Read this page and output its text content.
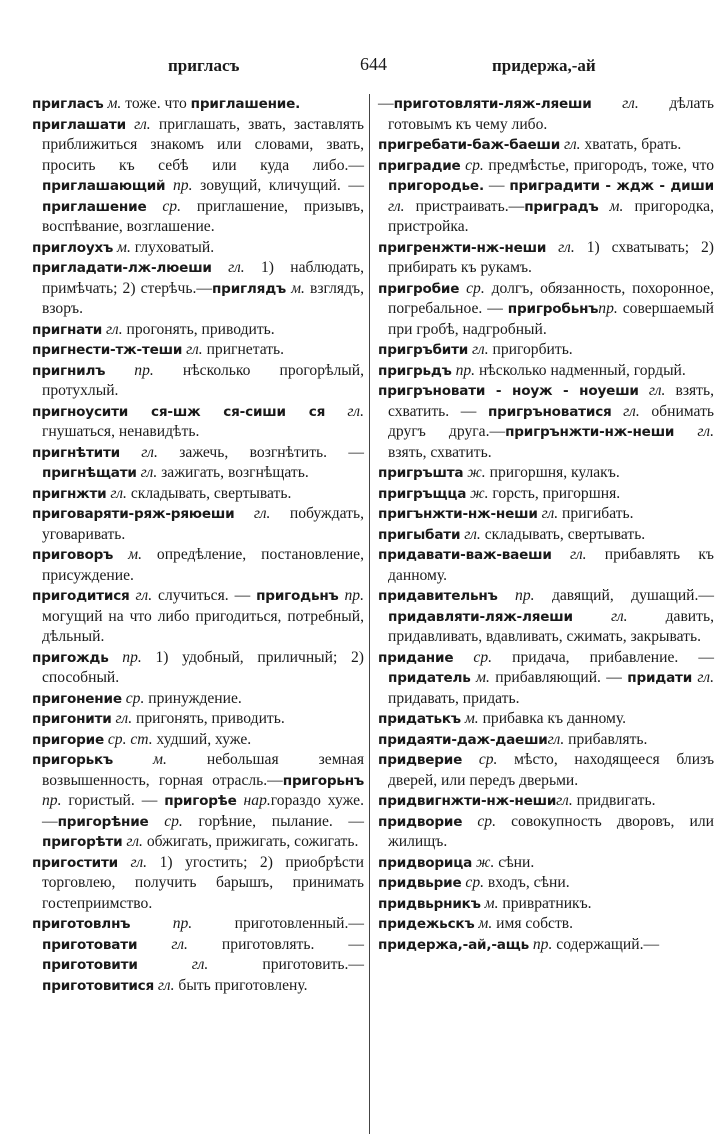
пригласъ	644	придержа,-ай

пригласъ м. тоже. что приглашение.

приглашати гл. приглашать, звать, заставлять приближиться знакомъ или словами, звать, просить къ себѣ или куда либо.—приглашающий пр. зовущий, кличущий. — приглашение ср. приглашение, призывъ, воспѣвание, возглашение.

приглоухъ м. глуховатый.

пригладати-лж-люеши гл. 1) наблюдать, примѣчать; 2) стерѣчь.—приглядъ м. взглядъ, взоръ.

пригнати гл. прогонять, приводить.

пригнести-тж-теши гл. пригнетать.

пригнилъ пр. нѣсколько прогорѣлый, протухлый.

пригноусити ся-шж ся-сиши ся гл. гнушаться, ненавидѣть.

пригнѣтити гл. зажечь, возгнѣтить. —пригнѣщати гл. зажигать, возгнѣщать.

пригнжти гл. складывать, свертывать.

приговаряти-ряж-ряюеши гл. побуждать, уговаривать.

приговоръ м. опредѣление, постановление, присуждение.

пригодитися гл. случиться. — пригодьнъ пр. могущий на что либо пригодиться, потребный, дѣльный.

пригождь пр. 1) удобный, приличный; 2) способный.

пригонение ср. принуждение.

пригонити гл. пригонять, приводить.

пригорие ср. ст. худший, хуже.

пригорькъ м. небольшая земная возвышенность, горная отрасль.—пригорьнъ пр. гористый. — пригорѣе нар.гораздо хуже.—пригорѣние ср. горѣние, пылание. — пригорѣти гл. обжигать, прижигать, сожигать.

пригостити гл. 1) угостить; 2) приобрѣсти торговлею, получить барышъ, принимать гостеприимство.

приготовлнъ пр. приготовленный.—приготовати гл. приготовлять. — приготовити гл. приготовить.—приготовитися гл. быть приготовлену.

—приготовляти-ляж-ляеши гл. дѣлать готовымъ къ чему либо.

пригребати-баж-баеши гл. хватать, брать.

приградие ср. предмѣстье, пригородъ, тоже, что пригородье. — приградити - ждж - диши гл. пристраивать.—приградъ м. пригородка, пристройка.

пригренжти-нж-неши гл. 1) схватывать; 2) прибирать къ рукамъ.

пригробие ср. долгъ, обязанность, похоронное, погребальное. — пригробьнъпр. совершаемый при гробѣ, надгробный.

пригръбити гл. пригорбить.

пригрьдъ пр. нѣсколько надменный, гордый.

пригръновати - ноуж - ноуеши гл. взять, схватить. — пригръноватися гл. обнимать другъ друга.—пригрънжти-нж-неши гл. взять, схватить.

пригръшта ж. пригоршня, кулакъ.

пригръщца ж. горсть, пригоршня.

пригънжти-нж-неши гл. пригибать.

пригыбати гл. складывать, свертывать.

придавати-важ-ваеши гл. прибавлять къ данному.

придавительнъ пр. давящий, душащий.—придавляти-ляж-ляеши гл. давить, придавливать, вдавливать, сжимать, закрывать.

придание ср. придача, прибавление. — придатель м. прибавляющий. — придати гл. придавать, придать.

придатькъ м. прибавка къ данному.

придаяти-даж-даешигл. прибавлять.

придверие ср. мѣсто, находящееся близъ дверей, или передъ дверьми.

придвигнжти-нж-нешигл. придвигать.

придворие ср. совокупность дворовъ, или жилищъ.

придворица ж. сѣни.

придвьрие ср. входъ, сѣни.

придвьрникъ м. привратникъ.

придежьскъ м. имя собств.

придержа,-ай,-ащь пр. содержащий.—
